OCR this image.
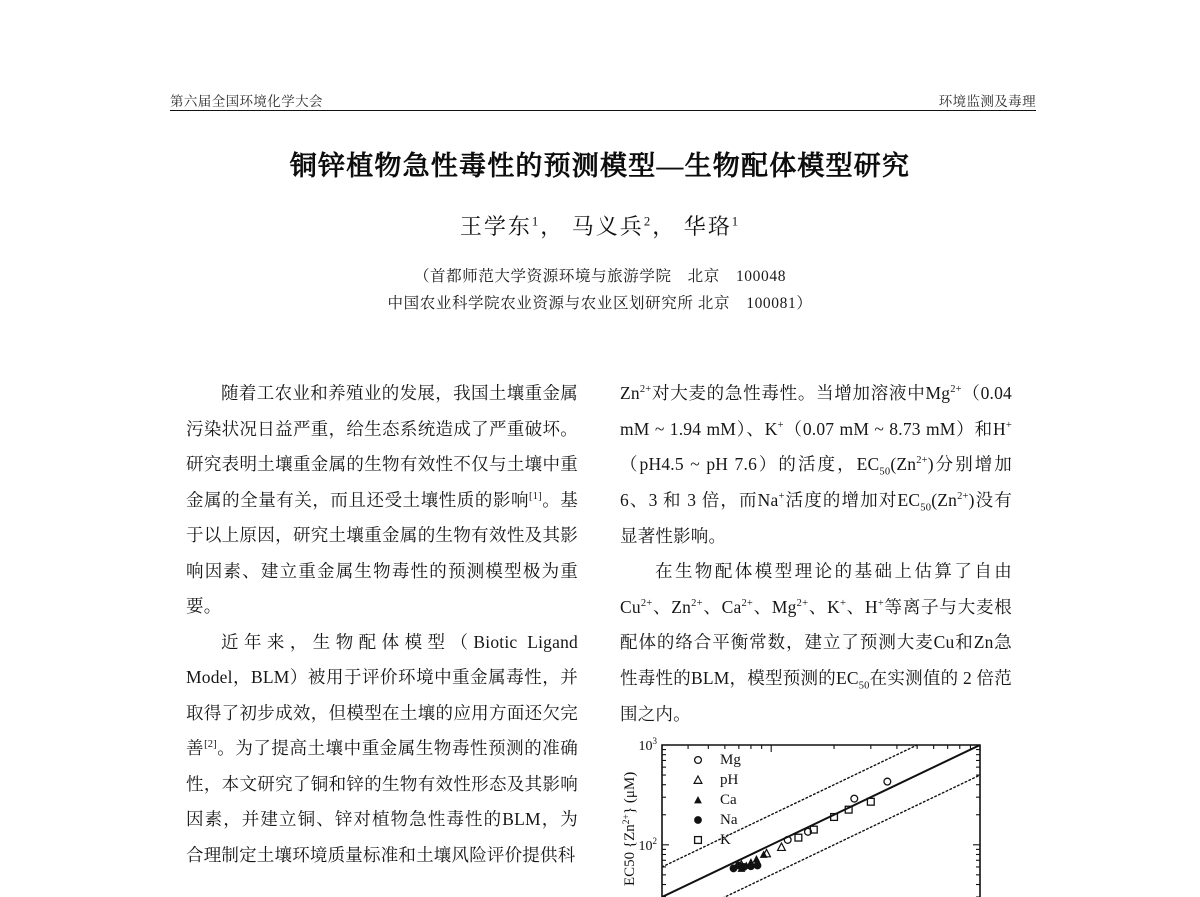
第六届全国环境化学大会	环境监测及毒理
铜锌植物急性毒性的预测模型—生物配体模型研究
王学东$^1$， 马义兵$^2$， 华珞$^1$
（首都师范大学资源环境与旅游学院　北京　100048
中国农业科学院农业资源与农业区划研究所 北京　100081）

随着工农业和养殖业的发展，我国土壤重金属污染状况日益严重，给生态系统造成了严重破坏。研究表明土壤重金属的生物有效性不仅与土壤中重金属的全量有关，而且还受土壤性质的影响[1]。基于以上原因，研究土壤重金属的生物有效性及其影响因素、建立重金属生物毒性的预测模型极为重要。

近年来，生物配体模型（Biotic Ligand Model，BLM）被用于评价环境中重金属毒性，并取得了初步成效，但模型在土壤的应用方面还欠完善[2]。为了提高土壤中重金属生物毒性预测的准确性，本文研究了铜和锌的生物有效性形态及其影响因素，并建立铜、锌对植物急性毒性的BLM，为合理制定土壤环境质量标准和土壤风险评价提供科

$Zn^{2+}$对大麦的急性毒性。当增加溶液中$Mg^{2+}(0.04$ mM ~ 1.94 mM）、K+（0.07 mM ~ 8.73 mM）和H+（pH4.5 ~ pH 7.6）的活度，$EC_{50}(Zn^{2+})$分别增加 6、3 和 3 倍，而Na+活度的增加对$EC_{50}(Zn^{2+})$没有显著性影响。

在生物配体模型理论的基础上估算了自由$Cu^{2+}$、$Zn^{2+}$、$Ca^{2+}$、$Mg^{2+}$、K+、H+等离子与大麦根配体的络合平衡常数，建立了预测大麦Cu和Zn急性毒性的BLM，模型预测的$EC_{50}$在实测值的 2 倍范围之内。

$10^3$
$10^2$
EC50 $\{Zn^{2+}\}$ (μM)
Mg
pH
Ca
Na
K
